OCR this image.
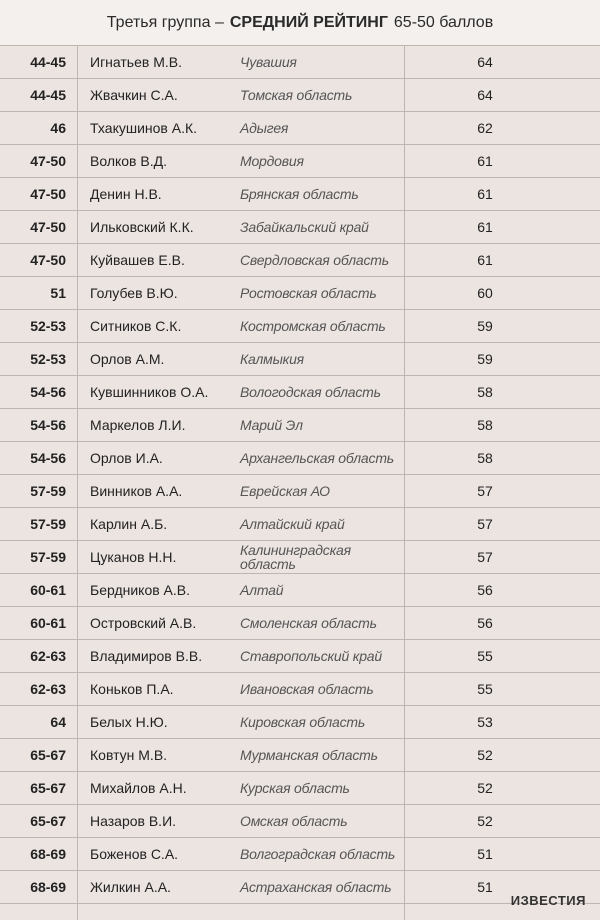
Третья группа – СРЕДНИЙ РЕЙТИНГ 65-50 баллов
44-45 Игнатьев М.В.	Чувашия	64
44-45 Жвачкин С.А.	Томская область	64
46 Тхакушинов А.К.	Адыгея	62
47-50 Волков В.Д.	Мордовия	61
47-50 Денин Н.В.	Брянская область	61
47-50 Ильковский К.К.	Забайкальский край	61
47-50 Куйвашев Е.В.	Свердловская область	61
51 Голубев В.Ю.	Ростовская область	60
52-53 Ситников С.К.	Костромская область	59
52-53 Орлов А.М.	Калмыкия	59
54-56 Кувшинников О.А.	Вологодская область	58
54-56 Маркелов Л.И.	Марий Эл	58
54-56 Орлов И.А.	Архангельская область	58
57-59 Винников А.А.	Еврейская АО	57
57-59 Карлин А.Б.	Алтайский край	57
57-59 Цуканов Н.Н.	Калининградская область	57
60-61 Бердников А.В.	Алтай	56
60-61 Островский А.В.	Смоленская область	56
62-63 Владимиров В.В.	Ставропольский край	55
62-63 Коньков П.А.	Ивановская область	55
64 Белых Н.Ю.	Кировская область	53
65-67 Ковтун М.В.	Мурманская область	52
65-67 Михайлов А.Н.	Курская область	52
65-67 Назаров В.И.	Омская область	52
68-69 Боженов С.А.	Волгоградская область	51
68-69 Жилкин А.А.	Астраханская область	51
ИЗВЕСТИЯ
